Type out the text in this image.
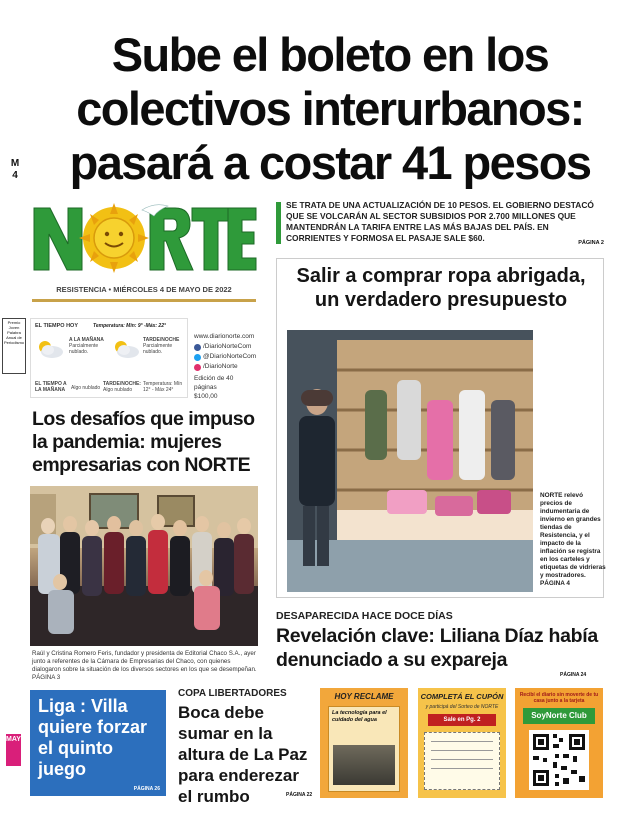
Sube el boleto en los
colectivos interurbanos:
pasará a costar 41 pesos
M
4
SE TRATA DE UNA ACTUALIZACIÓN DE 10 PESOS. EL GOBIERNO DESTACÓ QUE SE VOLCARÁN AL SECTOR SUBSIDIOS POR 2.700 MILLONES QUE MANTENDRÁN LA TARIFA ENTRE LAS MÁS BAJAS DEL PAÍS. EN CORRIENTES Y FORMOSA EL PASAJE SALE $60.	PÁGINA 2
RESISTENCIA • MIÉRCOLES 4 DE MAYO DE 2022
Premio Joven Palabra Anual de Periodismo
EL TIEMPO HOY	Temperatura: Mín: 9° -Máx: 22°
A LA MAÑANA
Parcialmente nublado.
TARDE/NOCHE
Parcialmente nublado.
EL TIEMPO A LA MAÑANA	Algo nublado
TARDE/NOCHE:
Algo nublado
Temperatura: Mín 12° - Máx 24°
www.diarionorte.com
/DiarioNorteCom
@DiarioNorteCom
/DiarioNorte
Edición de 40 páginas
$100,00
Los desafíos que impuso la pandemia: mujeres empresarias con NORTE
Raúl y Cristina Romero Feris, fundador y presidenta de Editorial Chaco S.A., ayer junto a referentes de la Cámara de Empresarias del Chaco, con quienes dialogaron sobre la situación de los diversos sectores en los que se desempeñan. PÁGINA 3
Salir a comprar ropa abrigada, un verdadero presupuesto
NORTE relevó precios de indumentaria de invierno en grandes tiendas de Resistencia, y el impacto de la inflación se registra en los carteles y etiquetas de vidrieras y mostradores. PÁGINA 4
DESAPARECIDA HACE DOCE DÍAS
Revelación clave: Liliana Díaz había denunciado a su expareja
PÁGINA 24
Liga : Villa quiere forzar el quinto juego
PÁGINA 26
MAY
COPA LIBERTADORES
Boca debe sumar en la altura de La Paz para enderezar el rumbo	PÁGINA 22
HOY RECLAME
La tecnología para el cuidado del agua
COMPLETÁ EL CUPÓN
y participá del Sorteo de NORTE
Sale en Pg. 2
Recibí el diario sin moverte de tu casa junto a la tarjeta
SoyNorte Club
